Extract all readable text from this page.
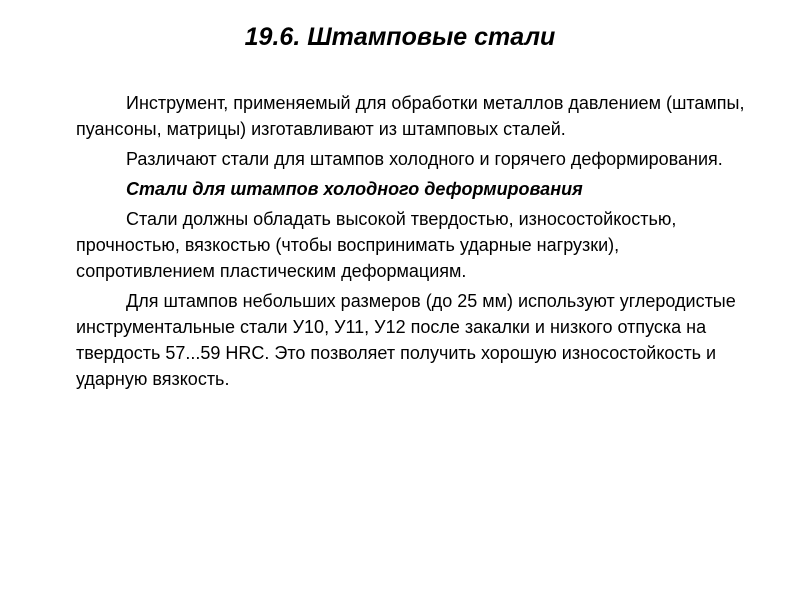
19.6. Штамповые стали

Инструмент, применяемый для обработки металлов давлением (штампы, пуансоны, матрицы) изготавливают из штамповых сталей.

Различают стали для штампов холодного и горячего деформирования.

Стали для штампов холодного деформирования

Стали должны обладать высокой твердостью, износостойкостью, прочностью, вязкостью (чтобы воспринимать ударные нагрузки), сопротивлением пластическим деформациям.

Для штампов небольших размеров (до 25 мм) используют углеродистые инструментальные стали У10, У11, У12 после закалки и низкого отпуска на твердость 57...59 HRC. Это позволяет получить хорошую износостойкость и ударную вязкость.
